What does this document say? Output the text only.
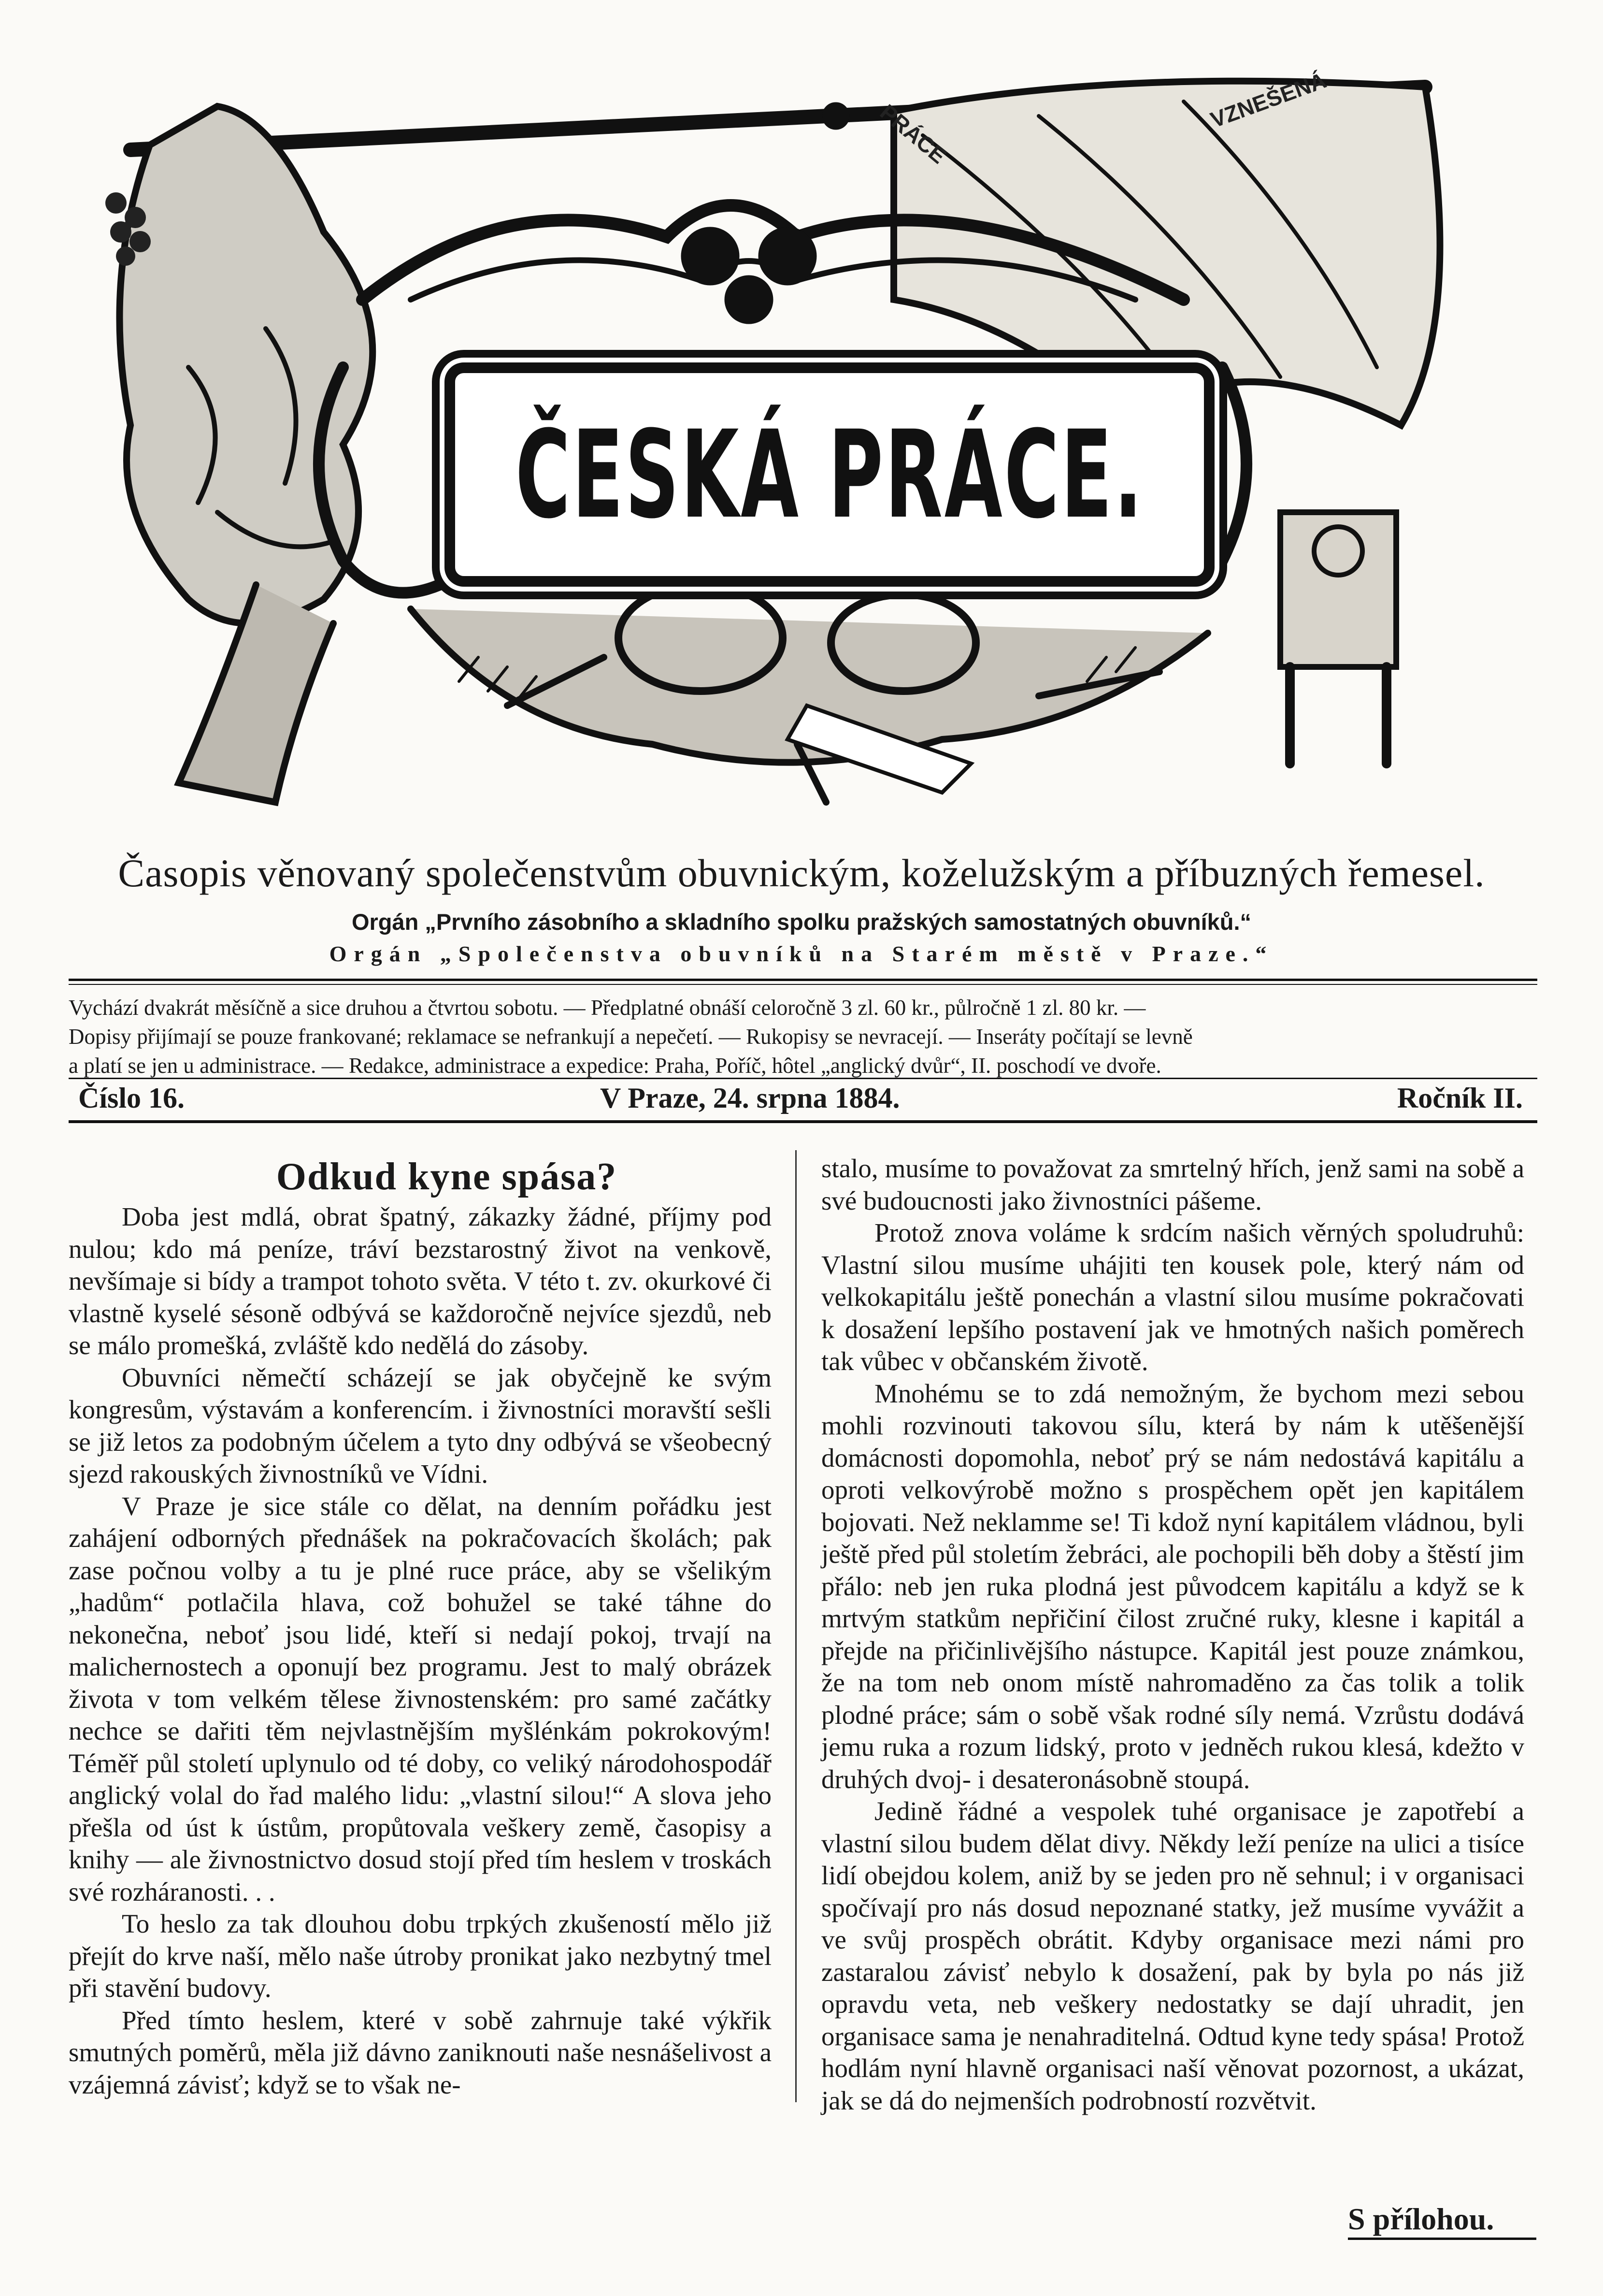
PRÁCE	VZNEŠENÁ
ČESKÁ PRÁCE.
Časopis věnovaný společenstvům obuvnickým, koželužským a příbuzných řemesel.
Orgán „Prvního zásobního a skladního spolku pražských samostatných obuvníků.“
Orgán „Společenstva obuvníků na Starém městě v Praze.“

Vychází dvakrát měsíčně a sice druhou a čtvrtou sobotu. — Předplatné obnáší celoročně 3 zl. 60 kr., půlročně 1 zl. 80 kr. —

Dopisy přijímají se pouze frankované; reklamace se nefrankují a nepečetí. — Rukopisy se nevracejí. — Inseráty počítají se levně

a platí se jen u administrace. — Redakce, administrace a expedice: Praha, Poříč, hôtel „anglický dvůr“, II. poschodí ve dvoře.

Číslo 16.	V Praze, 24. srpna 1884.	Ročník II.

Odkud kyne spása?

Doba jest mdlá, obrat špatný, zákazky žádné, příjmy pod nulou; kdo má peníze, tráví bezstarostný život na venkově, nevšímaje si bídy a trampot tohoto světa. V této t. zv. okurkové či vlastně kyselé sésoně odbývá se každoročně nejvíce sjezdů, neb se málo promešká, zvláště kdo nedělá do zásoby.

Obuvníci němečtí scházejí se jak obyčejně ke svým kongresům, výstavám a konferencím. i živnostníci moravští sešli se již letos za podobným účelem a tyto dny odbývá se všeobecný sjezd rakouských živnostníků ve Vídni.

V Praze je sice stále co dělat, na denním pořádku jest zahájení odborných přednášek na pokračovacích školách; pak zase počnou volby a tu je plné ruce práce, aby se všelikým „hadům“ potlačila hlava, což bohužel se také táhne do nekonečna, neboť jsou lidé, kteří si nedají pokoj, trvají na malichernostech a oponují bez programu. Jest to malý obrázek života v tom velkém tělese živnostenském: pro samé začátky nechce se dařiti těm nejvlastnějším myšlénkám pokrokovým! Téměř půl století uplynulo od té doby, co veliký národohospodář anglický volal do řad malého lidu: „vlastní silou!“ A slova jeho přešla od úst k ústům, propůtovala veškery země, časopisy a knihy — ale živnostnictvo dosud stojí před tím heslem v troskách své rozháranosti. . .

To heslo za tak dlouhou dobu trpkých zkušeností mělo již přejít do krve naší, mělo naše útroby pronikat jako nezbytný tmel při stavění budovy.

Před tímto heslem, které v sobě zahrnuje také výkřik smutných poměrů, měla již dávno zaniknouti naše nesnášelivost a vzájemná závisť; když se to však ne-

stalo, musíme to považovat za smrtelný hřích, jenž sami na sobě a své budoucnosti jako živnostníci pášeme.

Protož znova voláme k srdcím našich věrných spoludruhů: Vlastní silou musíme uhájiti ten kousek pole, který nám od velkokapitálu ještě ponechán a vlastní silou musíme pokračovati k dosažení lepšího postavení jak ve hmotných našich poměrech tak vůbec v občanském životě.

Mnohému se to zdá nemožným, že bychom mezi sebou mohli rozvinouti takovou sílu, která by nám k utěšenější domácnosti dopomohla, neboť prý se nám nedostává kapitálu a oproti velkovýrobě možno s prospěchem opět jen kapitálem bojovati. Než neklamme se! Ti kdož nyní kapitálem vládnou, byli ještě před půl stoletím žebráci, ale pochopili běh doby a štěstí jim přálo: neb jen ruka plodná jest původcem kapitálu a když se k mrtvým statkům nepřičiní čilost zručné ruky, klesne i kapitál a přejde na přičinlivějšího nástupce. Kapitál jest pouze známkou, že na tom neb onom místě nahromaděno za čas tolik a tolik plodné práce; sám o sobě však rodné síly nemá. Vzrůstu dodává jemu ruka a rozum lidský, proto v jedněch rukou klesá, kdežto v druhých dvoj- i desateronásobně stoupá.

Jedině řádné a vespolek tuhé organisace je zapotřebí a vlastní silou budem dělat divy. Někdy leží peníze na ulici a tisíce lidí obejdou kolem, aniž by se jeden pro ně sehnul; i v organisaci spočívají pro nás dosud nepoznané statky, jež musíme vyvážit a ve svůj prospěch obrátit. Kdyby organisace mezi námi pro zastaralou závisť nebylo k dosažení, pak by byla po nás již opravdu veta, neb veškery nedostatky se dají uhradit, jen organisace sama je nenahraditelná. Odtud kyne tedy spása! Protož hodlám nyní hlavně organisaci naší věnovat pozornost, a ukázat, jak se dá do nejmenších podrobností rozvětvit.

S přílohou.
